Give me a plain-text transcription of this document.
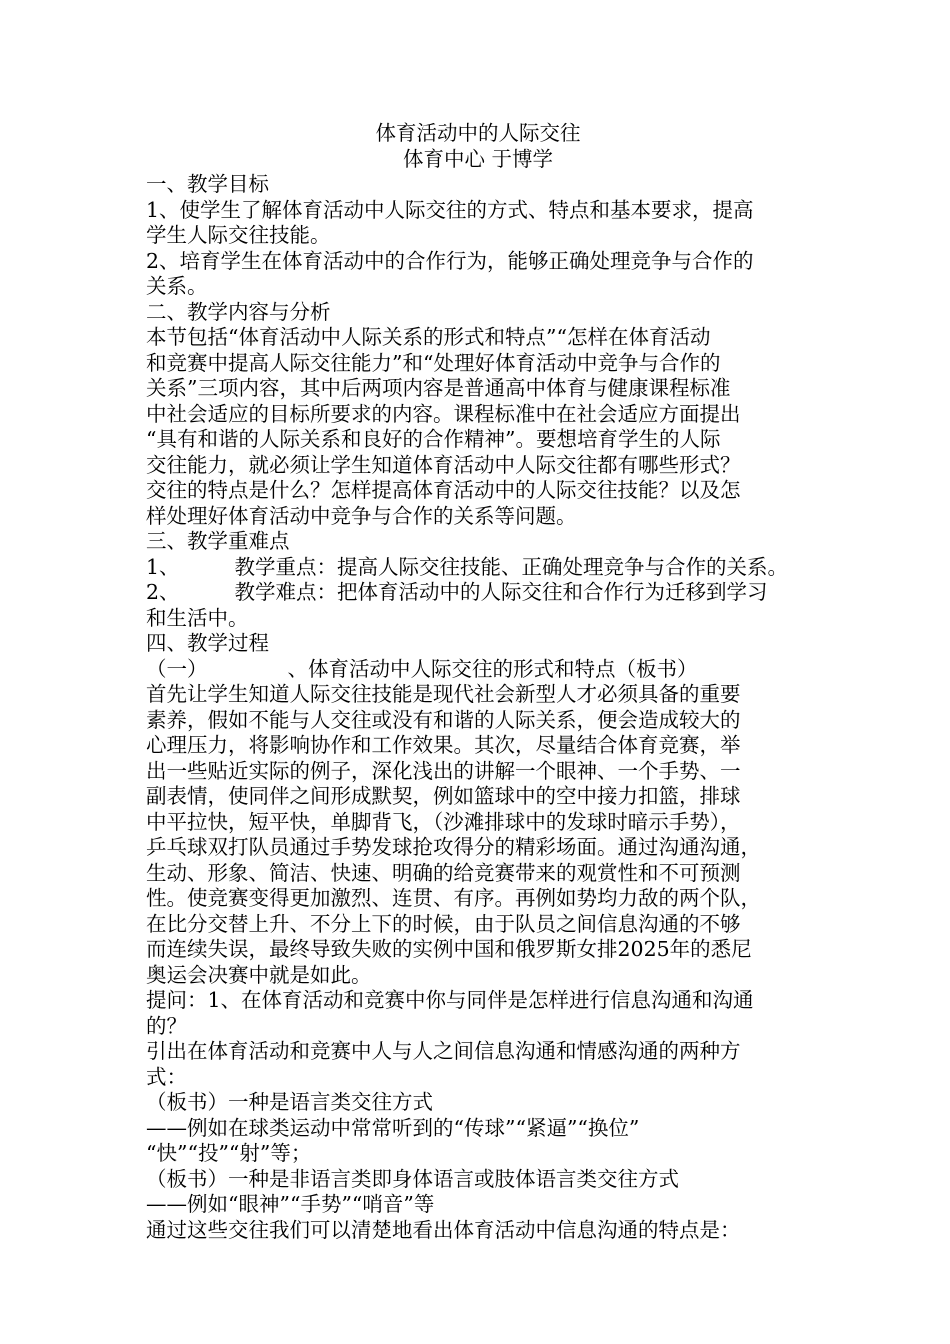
体育活动中的人际交往
体育中心 于博学
一、教学目标
1、使学生了解体育活动中人际交往的方式、特点和基本要求，提高
学生人际交往技能。
2、培育学生在体育活动中的合作行为，能够正确处理竞争与合作的
关系。
二、教学内容与分析
本节包括“体育活动中人际关系的形式和特点”“怎样在体育活动
和竞赛中提高人际交往能力”和“处理好体育活动中竞争与合作的
关系”三项内容，其中后两项内容是普通高中体育与健康课程标准
中社会适应的目标所要求的内容。课程标准中在社会适应方面提出
“具有和谐的人际关系和良好的合作精神”。要想培育学生的人际
交往能力，就必须让学生知道体育活动中人际交往都有哪些形式？
交往的特点是什么？怎样提高体育活动中的人际交往技能？以及怎
样处理好体育活动中竞争与合作的关系等问题。
三、教学重难点
1、	教学重点：提高人际交往技能、正确处理竞争与合作的关系。
2、	教学难点：把体育活动中的人际交往和合作行为迁移到学习
和生活中。
四、教学过程
（一）	、体育活动中人际交往的形式和特点（板书）
首先让学生知道人际交往技能是现代社会新型人才必须具备的重要
素养，假如不能与人交往或没有和谐的人际关系，便会造成较大的
心理压力，将影响协作和工作效果。其次，尽量结合体育竞赛，举
出一些贴近实际的例子，深化浅出的讲解一个眼神、一个手势、一
副表情，使同伴之间形成默契，例如篮球中的空中接力扣篮，排球
中平拉快，短平快，单脚背飞，（沙滩排球中的发球时暗示手势），
乒乓球双打队员通过手势发球抢攻得分的精彩场面。通过沟通沟通，
生动、形象、简洁、快速、明确的给竞赛带来的观赏性和不可预测
性。使竞赛变得更加激烈、连贯、有序。再例如势均力敌的两个队，
在比分交替上升、不分上下的时候，由于队员之间信息沟通的不够
而连续失误，最终导致失败的实例中国和俄罗斯女排2025年的悉尼
奥运会决赛中就是如此。
提问：1、在体育活动和竞赛中你与同伴是怎样进行信息沟通和沟通
的？
引出在体育活动和竞赛中人与人之间信息沟通和情感沟通的两种方
式：
（板书）一种是语言类交往方式
——例如在球类运动中常常听到的“传球”“紧逼”“换位”
“快”“投”“射”等；
（板书）一种是非语言类即身体语言或肢体语言类交往方式
——例如“眼神”“手势”“哨音”等
通过这些交往我们可以清楚地看出体育活动中信息沟通的特点是：
